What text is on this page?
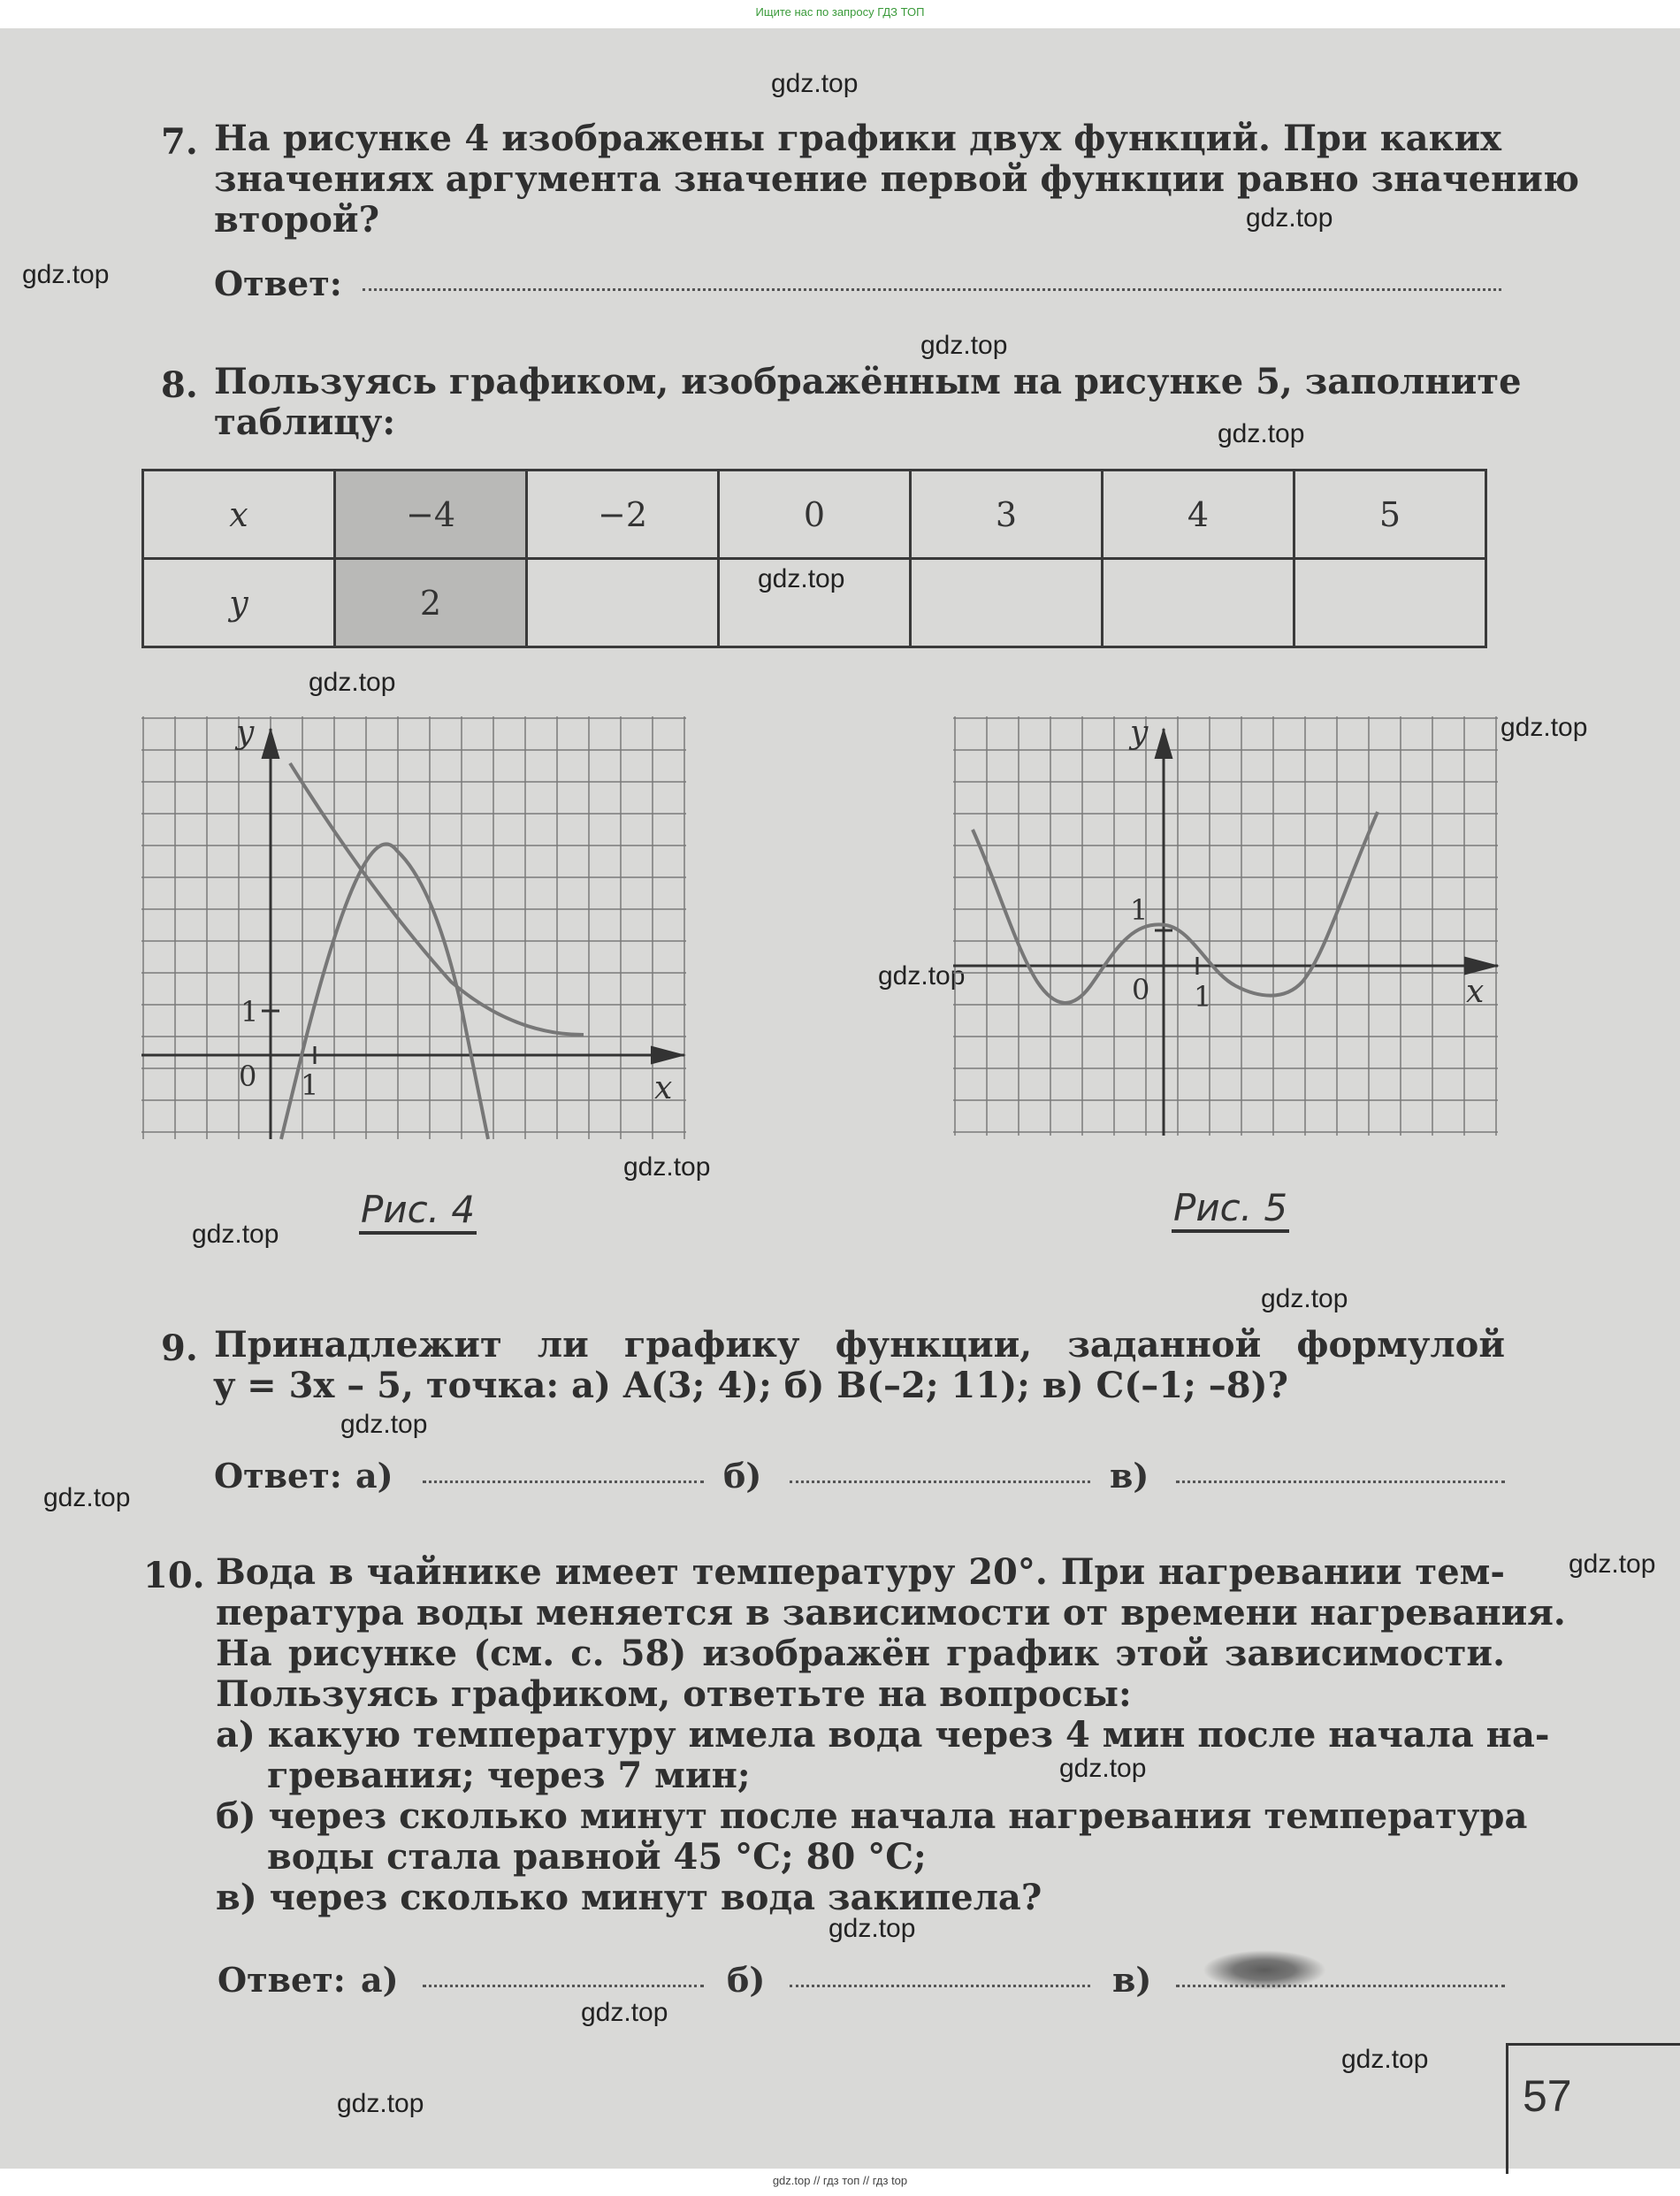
Ищите нас по запросу ГДЗ ТОП
gdz.top
gdz.top
gdz.top
gdz.top
gdz.top
gdz.top
gdz.top
gdz.top
gdz.top
gdz.top
gdz.top
gdz.top
gdz.top
gdz.top
gdz.top
gdz.top
gdz.top
gdz.top
gdz.top
gdz.top
7. На рисунке 4 изображены графики двух функций. При каких
значениях аргумента значение первой функции равно значению
второй?
Ответ:
8. Пользуясь графиком, изображённым на рисунке 5, заполните
таблицу:
x	−4	−2	0	3	4	5
y	2					
y
x
0
1
1
Рис. 4
y
x
0
1
1
Рис. 5
9. Принадлежит ли графику функции, заданной формулой
y = 3x – 5, точка: а) A(3; 4); б) B(–2; 11); в) C(–1; –8)?
Ответ: а)	б)	в)
10. Вода в чайнике имеет температуру 20°. При нагревании тем-
пература воды меняется в зависимости от времени нагревания.
На рисунке (см. с. 58) изображён график этой зависимости.
Пользуясь графиком, ответьте на вопросы:
а) какую температуру имела вода через 4 мин после начала на-
гревания; через 7 мин;
б) через сколько минут после начала нагревания температура
воды стала равной 45 °С; 80 °С;
в) через сколько минут вода закипела?
Ответ: а)	б)	в)
57
gdz.top // гдз топ // гдз top
